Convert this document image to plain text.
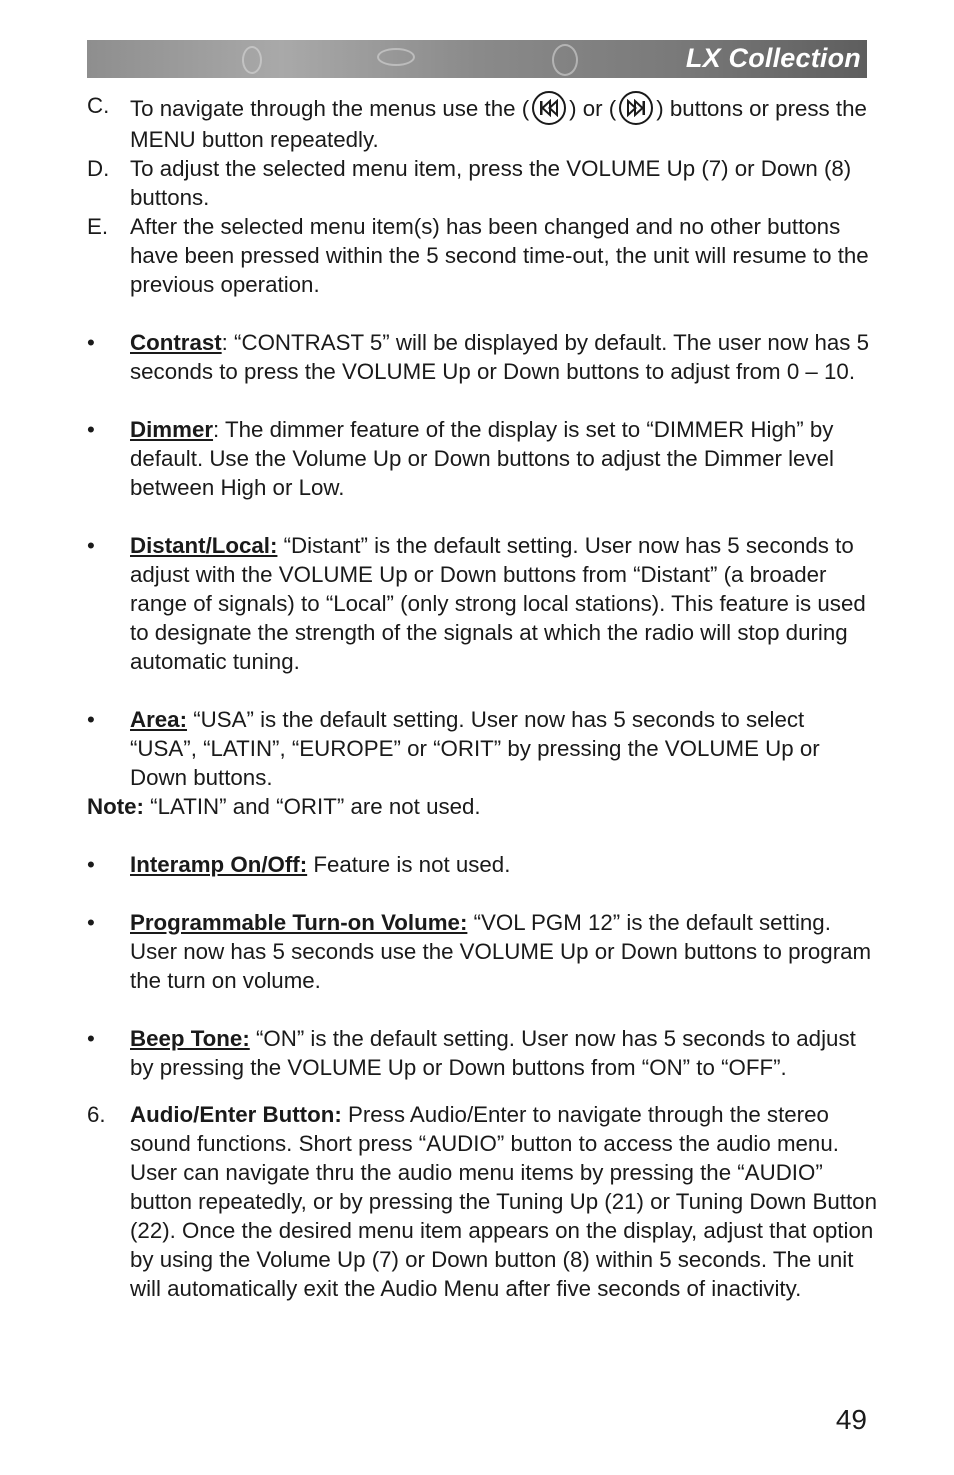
LX Collection
C. To navigate through the menus use the ( ) or ( ) buttons or press the MENU button repeatedly.
D. To adjust the selected menu item, press the VOLUME Up (7) or Down (8) buttons.
E. After the selected menu item(s) has been changed and no other buttons have been pressed within the 5 second time-out, the unit will resume to the previous operation.
• Contrast: “CONTRAST 5” will be displayed by default. The user now has 5 seconds to press the VOLUME Up or Down buttons to adjust from 0 – 10.
• Dimmer: The dimmer feature of the display is set to “DIMMER High” by default. Use the Volume Up or Down buttons to adjust the Dimmer level between High or Low.
• Distant/Local: “Distant” is the default setting. User now has 5 seconds to adjust with the VOLUME Up or Down buttons from “Distant” (a broader range of signals) to “Local” (only strong local stations). This feature is used to designate the strength of the signals at which the radio will stop during automatic tuning.
• Area: “USA” is the default setting. User now has 5 seconds to select “USA”, “LATIN”, “EUROPE” or “ORIT” by pressing the VOLUME Up or Down buttons.
Note: “LATIN” and “ORIT” are not used.
• Interamp On/Off: Feature is not used.
• Programmable Turn-on Volume: “VOL PGM 12” is the default setting. User now has 5 seconds use the VOLUME Up or Down buttons to program the turn on volume.
• Beep Tone: “ON” is the default setting. User now has 5 seconds to adjust by pressing the VOLUME Up or Down buttons from “ON” to “OFF”.
6. Audio/Enter Button: Press Audio/Enter to navigate through the stereo sound functions. Short press “AUDIO” button to access the audio menu. User can navigate thru the audio menu items by pressing the “AUDIO” button repeatedly, or by pressing the Tuning Up (21) or Tuning Down Button (22). Once the desired menu item appears on the display, adjust that option by using the Volume Up (7) or Down button (8) within 5 seconds. The unit will automatically exit the Audio Menu after five seconds of inactivity.
49
